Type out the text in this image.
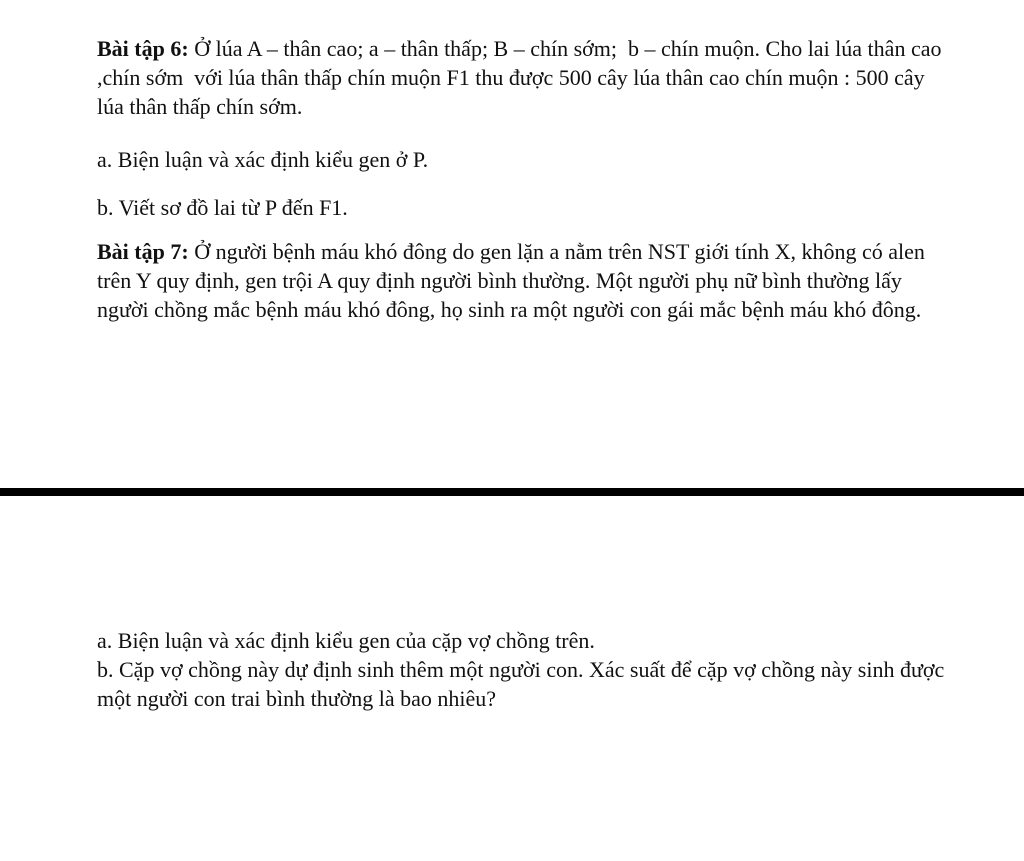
Bài tập 6: Ở lúa A – thân cao; a – thân thấp; B – chín sớm;  b – chín muộn. Cho lai lúa thân cao ,chín sớm  với lúa thân thấp chín muộn F1 thu được 500 cây lúa thân cao chín muộn : 500 cây lúa thân thấp chín sớm.

a. Biện luận và xác định kiểu gen ở P.

b. Viết sơ đồ lai từ P đến F1.

Bài tập 7: Ở người bệnh máu khó đông do gen lặn a nằm trên NST giới tính X, không có alen trên Y quy định, gen trội A quy định người bình thường. Một người phụ nữ bình thường lấy người chồng mắc bệnh máu khó đông, họ sinh ra một người con gái mắc bệnh máu khó đông.

a. Biện luận và xác định kiểu gen của cặp vợ chồng trên.

b. Cặp vợ chồng này dự định sinh thêm một người con. Xác suất để cặp vợ chồng này sinh được một người con trai bình thường là bao nhiêu?
